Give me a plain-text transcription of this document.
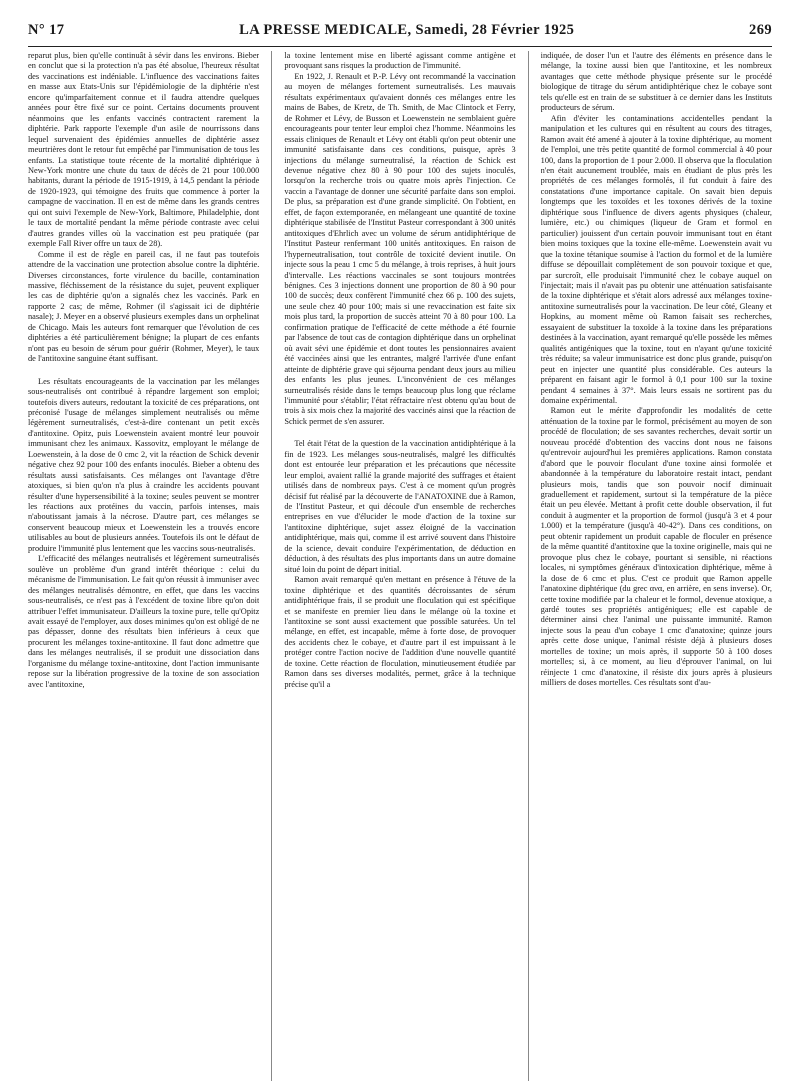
N° 17	LA PRESSE MEDICALE, Samedi, 28 Février 1925	269

reparut plus, bien qu'elle continuât à sévir dans les environs. Bieber en conclut que si la protection n'a pas été absolue, l'heureux résultat des vaccinations est indéniable. L'influence des vaccinations faites en masse aux Etats-Unis sur l'épidémiologie de la diphtérie n'est encore qu'imparfaitement connue et il faudra attendre quelques années pour être fixé sur ce point. Certains documents prouvent néanmoins que les enfants vaccinés contractent rarement la diphtérie. Park rapporte l'exemple d'un asile de nourrissons dans lequel survenaient des épidémies annuelles de diphtérie assez meurtrières dont le retour fut empêché par l'immunisation de tous les enfants. La statistique toute récente de la mortalité diphtérique à New-York montre une chute du taux de décès de 21 pour 100.000 habitants, durant la période de 1915-1919, à 14,5 pendant la période de 1920-1923, qui témoigne des fruits que commence à porter la campagne de vaccination. Il en est de même dans les grands centres qui ont suivi l'exemple de New-York, Baltimore, Philadelphie, dont le taux de mortalité pendant la même période contraste avec celui d'autres grandes villes où la vaccination est peu pratiquée (par exemple Fall River offre un taux de 28).

Comme il est de règle en pareil cas, il ne faut pas toutefois attendre de la vaccination une protection absolue contre la diphtérie. Diverses circonstances, forte virulence du bacille, contamination massive, fléchissement de la résistance du sujet, peuvent expliquer les cas de diphtérie qu'on a signalés chez les vaccinés. Park en rapporte 2 cas; de même, Rohmer (il s'agissait ici de diphtérie nasale); J. Meyer en a observé plusieurs exemples dans un orphelinat de Chicago. Mais les auteurs font remarquer que l'évolution de ces diphtéries a été particulièrement bénigne; la plupart de ces enfants n'ont pas eu besoin de sérum pour guérir (Rohmer, Meyer), le taux de l'antitoxine sanguine étant suffisant.

Les résultats encourageants de la vaccination par les mélanges sous-neutralisés ont contribué à répandre largement son emploi; toutefois divers auteurs, redoutant la toxicité de ces préparations, ont préconisé l'usage de mélanges simplement neutralisés ou même légèrement surneutralisés, c'est-à-dire contenant un petit excès d'antitoxine. Opitz, puis Loewenstein avaient montré leur pouvoir immunisant chez les animaux. Kassovitz, employant le mélange de Loewenstein, à la dose de 0 cmc 2, vit la réaction de Schick devenir négative chez 92 pour 100 des enfants inoculés. Bieber a obtenu des résultats aussi satisfaisants. Ces mélanges ont l'avantage d'être atoxiques, si bien qu'on n'a plus à craindre les accidents pouvant résulter d'une hypersensibilité à la toxine; seules peuvent se montrer les réactions aux protéines du vaccin, parfois intenses, mais n'aboutissant jamais à la nécrose. D'autre part, ces mélanges se conservent beaucoup mieux et Loewenstein les a trouvés encore utilisables au bout de plusieurs années. Toutefois ils ont le défaut de produire l'immunité plus lentement que les vaccins sous-neutralisés.

L'efficacité des mélanges neutralisés et légèrement surneutralisés soulève un problème d'un grand intérêt théorique : celui du mécanisme de l'immunisation. Le fait qu'on réussit à immuniser avec des mélanges neutralisés démontre, en effet, que dans les vaccins sous-neutralisés, ce n'est pas à l'excédent de toxine libre qu'on doit attribuer l'effet immunisateur. D'ailleurs la toxine pure, telle qu'Opitz avait essayé de l'employer, aux doses minimes qu'on est obligé de ne pas dépasser, donne des résultats bien inférieurs à ceux que procurent les mélanges toxine-antitoxine. Il faut donc admettre que dans les mélanges neutralisés, il se produit une dissociation dans l'organisme du mélange toxine-antitoxine, dont l'action immunisante repose sur la libération progressive de la toxine de son association avec l'antitoxine,

la toxine lentement mise en liberté agissant comme antigène et provoquant sans risques la production de l'immunité.

En 1922, J. Renault et P.-P. Lévy ont recommandé la vaccination au moyen de mélanges fortement surneutralisés. Les mauvais résultats expérimentaux qu'avaient donnés ces mélanges entre les mains de Babes, de Kretz, de Th. Smith, de Mac Clintock et Ferry, de Rohmer et Lévy, de Busson et Loewenstein ne semblaient guère encourageants pour tenter leur emploi chez l'homme. Néanmoins les essais cliniques de Renault et Lévy ont établi qu'on peut obtenir une immunité satisfaisante dans ces conditions, puisque, après 3 injections du mélange surneutralisé, la réaction de Schick est devenue négative chez 80 à 90 pour 100 des sujets inoculés, lorsqu'on la recherche trois ou quatre mois après l'injection. Ce vaccin a l'avantage de donner une sécurité parfaite dans son emploi. De plus, sa préparation est d'une grande simplicité. On l'obtient, en effet, de façon extemporanée, en mélangeant une quantité de toxine diphtérique stabilisée de l'Institut Pasteur correspondant à 300 unités antitoxiques d'Ehrlich avec un volume de sérum antidiphtérique de l'Institut Pasteur renfermant 100 unités antitoxiques. En raison de l'hyperneutralisation, tout contrôle de toxicité devient inutile. On injecte sous la peau 1 cmc 5 du mélange, à trois reprises, à huit jours d'intervalle. Les réactions vaccinales se sont toujours montrées bénignes. Ces 3 injections donnent une proportion de 80 à 90 pour 100 de succès; deux confèrent l'immunité chez 66 p. 100 des sujets, une seule chez 40 pour 100; mais si une revaccination est faite six mois plus tard, la proportion de succès atteint 70 à 80 pour 100. La confirmation pratique de l'efficacité de cette méthode a été fournie par l'absence de tout cas de contagion diphtérique dans un orphelinat où avait sévi une épidémie et dont toutes les pensionnaires avaient été vaccinées ainsi que les entrantes, malgré l'arrivée d'une enfant atteinte de diphtérie grave qui séjourna pendant deux jours au milieu des enfants les plus jeunes. L'inconvénient de ces mélanges surneutralisés réside dans le temps beaucoup plus long que réclame l'immunité pour s'établir; l'état réfractaire n'est obtenu qu'au bout de trois à six mois chez la majorité des vaccinés ainsi que la réaction de Schick permet de s'en assurer.

Tel était l'état de la question de la vaccination antidiphtérique à la fin de 1923. Les mélanges sous-neutralisés, malgré les difficultés dont est entourée leur préparation et les précautions que nécessite leur emploi, avaient rallié la grande majorité des suffrages et étaient utilisés dans de nombreux pays. C'est à ce moment qu'un progrès décisif fut réalisé par la découverte de l'ANATOXINE due à Ramon, de l'Institut Pasteur, et qui découle d'un ensemble de recherches entreprises en vue d'élucider le mode d'action de la toxine sur l'antitoxine diphtérique, sujet assez éloigné de la vaccination antidiphtérique, mais qui, comme il est arrivé souvent dans l'histoire de la science, devait conduire l'expérimentation, de déduction en déduction, à des résultats des plus importants dans un autre domaine situé loin du point de départ initial.

Ramon avait remarqué qu'en mettant en présence à l'étuve de la toxine diphtérique et des quantités décroissantes de sérum antidiphtérique frais, il se produit une floculation qui est spécifique et se manifeste en premier lieu dans le mélange où la toxine et l'antitoxine se sont aussi exactement que possible saturées. Un tel mélange, en effet, est incapable, même à forte dose, de provoquer des accidents chez le cobaye, et d'autre part il est impuissant à le protéger contre l'action nocive de l'addition d'une nouvelle quantité de toxine. Cette réaction de floculation, minutieusement étudiée par Ramon dans ses diverses modalités, permet, grâce à la technique précise qu'il a

indiquée, de doser l'un et l'autre des éléments en présence dans le mélange, la toxine aussi bien que l'antitoxine, et les nombreux avantages que cette méthode physique présente sur le procédé biologique de titrage du sérum antidiphtérique chez le cobaye sont tels qu'elle est en train de se substituer à ce dernier dans les Instituts producteurs de sérum.

Afin d'éviter les contaminations accidentelles pendant la manipulation et les cultures qui en résultent au cours des titrages, Ramon avait été amené à ajouter à la toxine diphtérique, au moment de l'emploi, une très petite quantité de formol commercial à 40 pour 100, dans la proportion de 1 pour 2.000. Il observa que la floculation n'en était aucunement troublée, mais en étudiant de plus près les propriétés de ces mélanges formolés, il fut conduit à faire des constatations d'une importance capitale. On savait bien depuis longtemps que les toxoïdes et les toxones dérivés de la toxine diphtérique sous l'influence de divers agents physiques (chaleur, lumière, etc.) ou chimiques (liqueur de Gram et formol en particulier) jouissent d'un certain pouvoir immunisant tout en étant bien moins toxiques que la toxine elle-même. Loewenstein avait vu que la toxine tétanique soumise à l'action du formol et de la lumière diffuse se dépouillait complètement de son pouvoir toxique et que, par surcroît, elle produisait l'immunité chez le cobaye auquel on l'injectait; mais il n'avait pas pu obtenir une atténuation satisfaisante de la toxine diphtérique et s'était alors adressé aux mélanges toxine-antitoxine surneutralisés pour la vaccination. De leur côté, Gleany et Hopkins, au moment même où Ramon faisait ses recherches, essayaient de substituer la toxoïde à la toxine dans les préparations destinées à la vaccination, ayant remarqué qu'elle possède les mêmes qualités antigéniques que la toxine, tout en n'ayant qu'une toxicité très réduite; sa valeur immunisatrice est donc plus grande, puisqu'on peut en injecter une quantité plus considérable. Ces auteurs la préparent en faisant agir le formol à 0,1 pour 100 sur la toxine pendant 4 semaines à 37°. Mais leurs essais ne sortirent pas du domaine expérimental.

Ramon eut le mérite d'approfondir les modalités de cette atténuation de la toxine par le formol, précisément au moyen de son procédé de floculation; de ses savantes recherches, devait sortir un nouveau procédé d'obtention des vaccins dont nous ne faisons qu'entrevoir aujourd'hui les premières applications. Ramon constata d'abord que le pouvoir floculant d'une toxine ainsi formolée et abandonnée à la température du laboratoire restait intact, pendant plusieurs mois, tandis que son pouvoir nocif diminuait graduellement et rapidement, surtout si la température de la pièce était un peu élevée. Mettant à profit cette double observation, il fut conduit à augmenter et la proportion de formol (jusqu'à 3 et 4 pour 1.000) et la température (jusqu'à 40-42°). Dans ces conditions, on peut obtenir rapidement un produit capable de floculer en présence de la même quantité d'antitoxine que la toxine originelle, mais qui ne provoque plus chez le cobaye, pourtant si sensible, ni réactions locales, ni symptômes généraux d'intoxication diphtérique, même à la dose de 6 cmc et plus. C'est ce produit que Ramon appelle l'anatoxine diphtérique (du grec ανα, en arrière, en sens inverse). Or, cette toxine modifiée par la chaleur et le formol, devenue atoxique, a gardé toutes ses propriétés antigéniques; elle est capable de déterminer ainsi chez l'animal une puissante immunité. Ramon injecte sous la peau d'un cobaye 1 cmc d'anatoxine; quinze jours après cette dose unique, l'animal résiste déjà à plusieurs doses mortelles de toxine; un mois après, il supporte 50 à 100 doses mortelles; si, à ce moment, au lieu d'éprouver l'animal, on lui réinjecte 1 cmc d'anatoxine, il résiste dix jours après à plusieurs milliers de doses mortelles. Ces résultats sont d'au-
